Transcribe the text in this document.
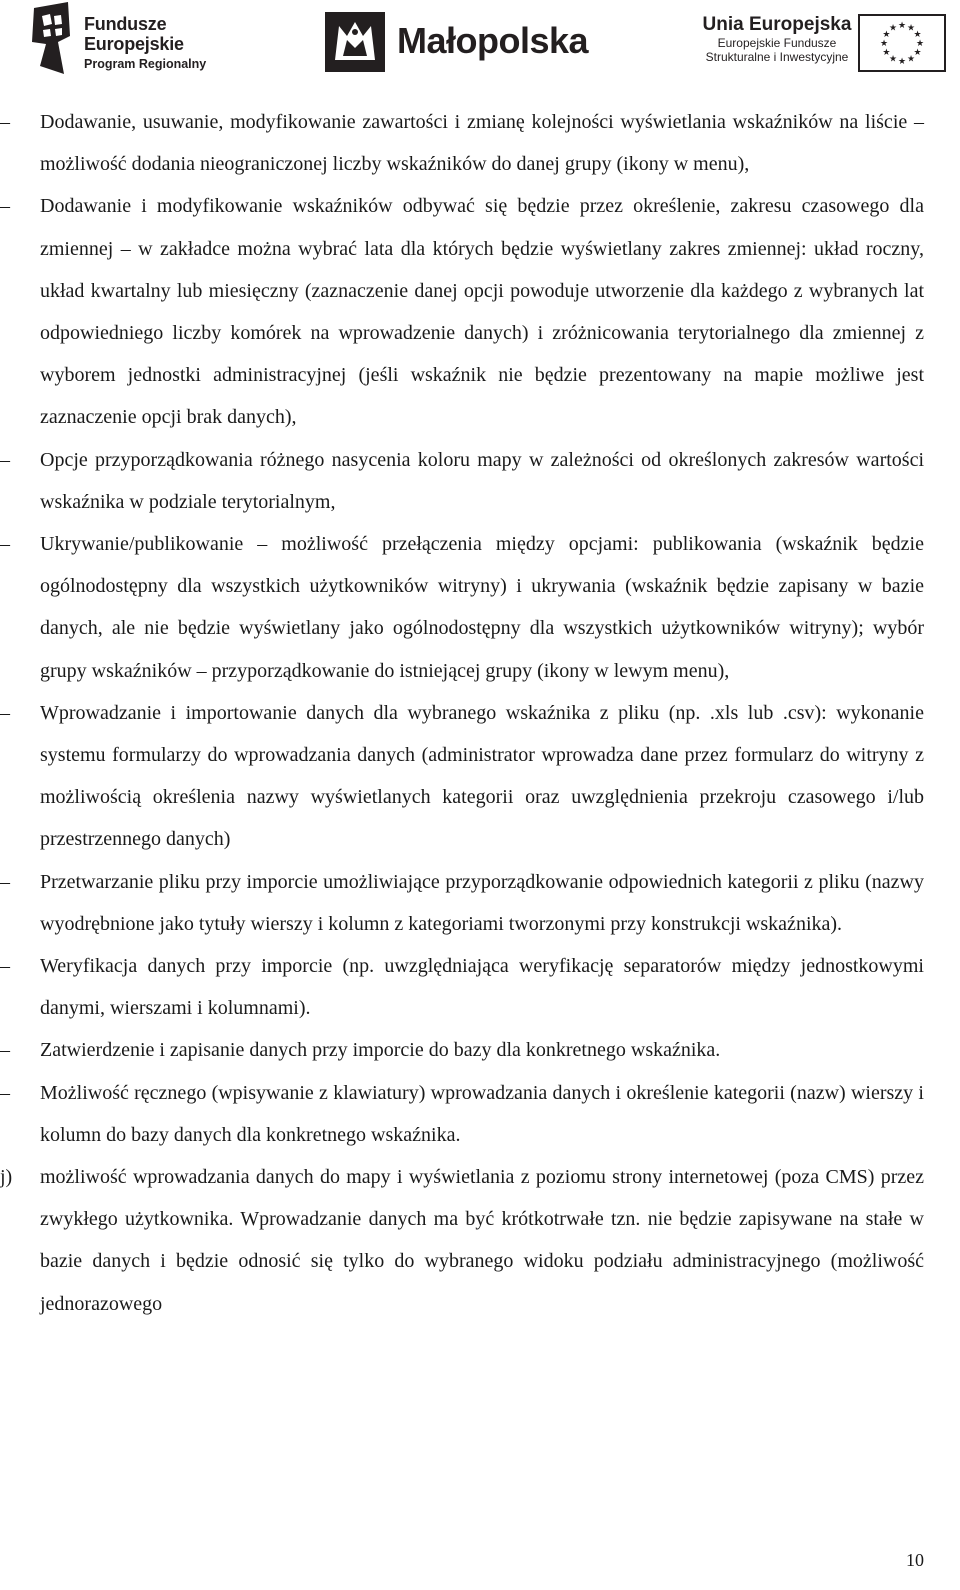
Fundusze
Europejskie
Program Regionalny
Małopolska	Unia Europejska
Europejskie Fundusze
Strukturalne i Inwestycyjne
★
★
★
★
★
★
★
★
★ ★ ★
★
–	Dodawanie, usuwanie, modyfikowanie zawartości i zmianę kolejności wyświetlania wskaźników na liście – możliwość dodania nieograniczonej liczby wskaźników do danej grupy (ikony w menu),
–	Dodawanie i modyfikowanie wskaźników odbywać się będzie przez określenie, zakresu czasowego dla zmiennej – w zakładce można wybrać lata dla których będzie wyświetlany zakres zmiennej: układ roczny, układ kwartalny lub miesięczny (zaznaczenie danej opcji powoduje utworzenie dla każdego z wybranych lat odpowiedniego liczby komórek na wprowadzenie danych) i zróżnicowania terytorialnego dla zmiennej z wyborem jednostki administracyjnej (jeśli wskaźnik nie będzie prezentowany na mapie możliwe jest zaznaczenie opcji brak danych),
–	Opcje przyporządkowania różnego nasycenia koloru mapy w zależności od określonych zakresów wartości wskaźnika w podziale terytorialnym,
–	Ukrywanie/publikowanie – możliwość przełączenia między opcjami: publikowania (wskaźnik będzie ogólnodostępny dla wszystkich użytkowników witryny) i ukrywania (wskaźnik będzie zapisany w bazie danych, ale nie będzie wyświetlany jako ogólnodostępny dla wszystkich użytkowników witryny); wybór grupy wskaźników – przyporządkowanie do istniejącej grupy (ikony w lewym menu),
–	Wprowadzanie i importowanie danych dla wybranego wskaźnika z pliku (np. .xls lub .csv): wykonanie systemu formularzy do wprowadzania danych (administrator wprowadza dane przez formularz do witryny z możliwością określenia nazwy wyświetlanych kategorii oraz uwzględnienia przekroju czasowego i/lub przestrzennego danych)
–	Przetwarzanie pliku przy imporcie umożliwiające przyporządkowanie odpowiednich kategorii z pliku (nazwy wyodrębnione jako tytuły wierszy i kolumn z kategoriami tworzonymi przy konstrukcji wskaźnika).
–	Weryfikacja danych przy imporcie (np. uwzględniająca weryfikację separatorów między jednostkowymi danymi, wierszami i kolumnami).
–	Zatwierdzenie i zapisanie danych przy imporcie do bazy dla konkretnego wskaźnika.
–	Możliwość ręcznego (wpisywanie z klawiatury) wprowadzania danych i określenie kategorii (nazw) wierszy i kolumn do bazy danych dla konkretnego wskaźnika.
j)	możliwość wprowadzania danych do mapy i wyświetlania z poziomu strony internetowej (poza CMS) przez zwykłego użytkownika. Wprowadzanie danych ma być krótkotrwałe tzn. nie będzie zapisywane na stałe w bazie danych i będzie odnosić się tylko do wybranego widoku podziału administracyjnego (możliwość jednorazowego
10
